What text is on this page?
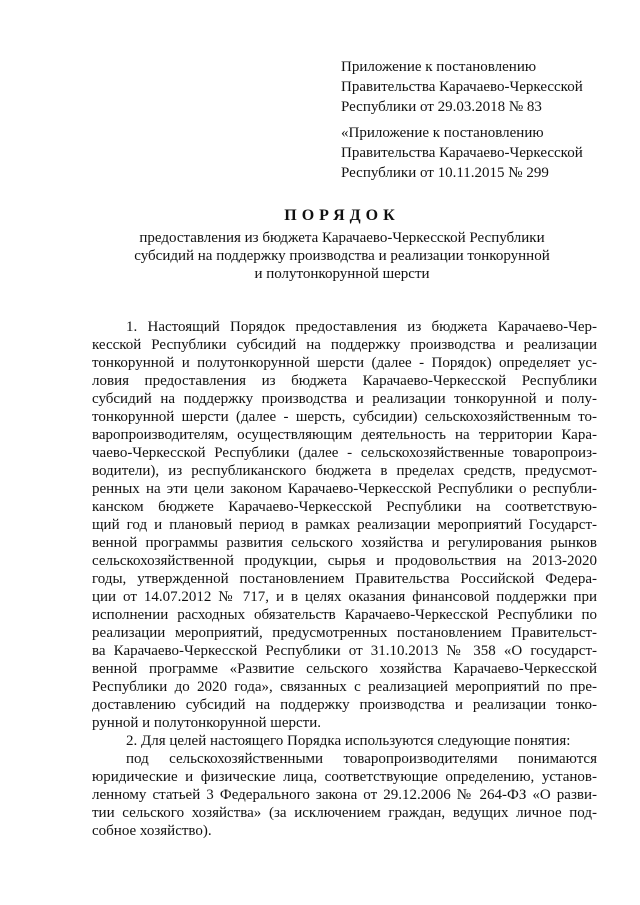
Приложение к постановлению
Правительства Карачаево-Черкесской
Республики от 29.03.2018 № 83
«Приложение к постановлению
Правительства Карачаево-Черкесской
Республики от 10.11.2015 № 299
ПОРЯДОК
предоставления из бюджета Карачаево-Черкесской Республики
субсидий на поддержку производства и реализации тонкорунной
и полутонкорунной шерсти
1. Настоящий Порядок предоставления из бюджета Карачаево-Чер-
кесской Республики субсидий на поддержку производства и реализации
тонкорунной и полутонкорунной шерсти (далее - Порядок) определяет ус-
ловия предоставления из бюджета Карачаево-Черкесской Республики
субсидий на поддержку производства и реализации тонкорунной и полу-
тонкорунной шерсти (далее - шерсть, субсидии) сельскохозяйственным то-
варопроизводителям, осуществляющим деятельность на территории Кара-
чаево-Черкесской Республики (далее - сельскохозяйственные товаропроиз-
водители), из республиканского бюджета в пределах средств, предусмот-
ренных на эти цели законом Карачаево-Черкесской Республики о республи-
канском бюджете Карачаево-Черкесской Республики на соответствую-
щий год и плановый период в рамках реализации мероприятий Государст-
венной программы развития сельского хозяйства и регулирования рынков
сельскохозяйственной продукции, сырья и продовольствия на 2013-2020
годы, утвержденной постановлением Правительства Российской Федера-
ции от 14.07.2012 № 717, и в целях оказания финансовой поддержки при
исполнении расходных обязательств Карачаево-Черкесской Республики по
реализации мероприятий, предусмотренных постановлением Правительст-
ва Карачаево-Черкесской Республики от 31.10.2013 № 358 «О государст-
венной программе «Развитие сельского хозяйства Карачаево-Черкесской
Республики до 2020 года», связанных с реализацией мероприятий по пре-
доставлению субсидий на поддержку производства и реализации тонко-
рунной и полутонкорунной шерсти.
2. Для целей настоящего Порядка используются следующие понятия:
под сельскохозяйственными товаропроизводителями понимаются
юридические и физические лица, соответствующие определению, установ-
ленному статьей 3 Федерального закона от 29.12.2006 № 264-ФЗ «О разви-
тии сельского хозяйства» (за исключением граждан, ведущих личное под-
собное хозяйство).
